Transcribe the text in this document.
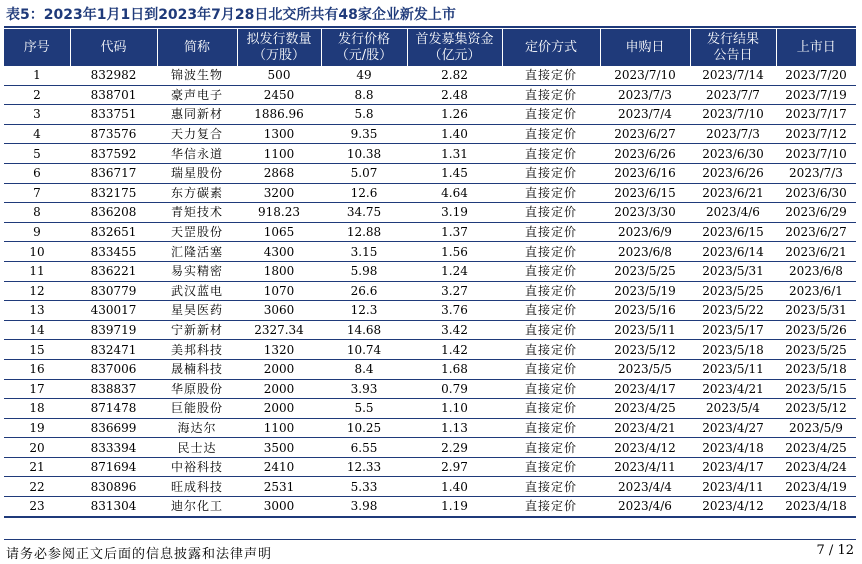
表5：2023年1月1日到2023年7月28日北交所共有48家企业新发上市
序号	代码	简称	拟发行数量
（万股）	发行价格
（元/股）	首发募集资金
（亿元）	定价方式	申购日	发行结果
公告日	上市日

1	832982	锦波生物	500	49	2.82	直接定价	2023/7/10	2023/7/14	2023/7/20
2	838701	豪声电子	2450	8.8	2.48	直接定价	2023/7/3	2023/7/7	2023/7/19
3	833751	惠同新材	1886.96	5.8	1.26	直接定价	2023/7/4	2023/7/10	2023/7/17
4	873576	天力复合	1300	9.35	1.40	直接定价	2023/6/27	2023/7/3	2023/7/12
5	837592	华信永道	1100	10.38	1.31	直接定价	2023/6/26	2023/6/30	2023/7/10
6	836717	瑞星股份	2868	5.07	1.45	直接定价	2023/6/16	2023/6/26	2023/7/3
7	832175	东方碳素	3200	12.6	4.64	直接定价	2023/6/15	2023/6/21	2023/6/30
8	836208	青矩技术	918.23	34.75	3.19	直接定价	2023/3/30	2023/4/6	2023/6/29
9	832651	天罡股份	1065	12.88	1.37	直接定价	2023/6/9	2023/6/15	2023/6/27
10	833455	汇隆活塞	4300	3.15	1.56	直接定价	2023/6/8	2023/6/14	2023/6/21
11	836221	易实精密	1800	5.98	1.24	直接定价	2023/5/25	2023/5/31	2023/6/8
12	830779	武汉蓝电	1070	26.6	3.27	直接定价	2023/5/19	2023/5/25	2023/6/1
13	430017	星昊医药	3060	12.3	3.76	直接定价	2023/5/16	2023/5/22	2023/5/31
14	839719	宁新新材	2327.34	14.68	3.42	直接定价	2023/5/11	2023/5/17	2023/5/26
15	832471	美邦科技	1320	10.74	1.42	直接定价	2023/5/12	2023/5/18	2023/5/25
16	837006	晟楠科技	2000	8.4	1.68	直接定价	2023/5/5	2023/5/11	2023/5/18
17	838837	华原股份	2000	3.93	0.79	直接定价	2023/4/17	2023/4/21	2023/5/15
18	871478	巨能股份	2000	5.5	1.10	直接定价	2023/4/25	2023/5/4	2023/5/12
19	836699	海达尔	1100	10.25	1.13	直接定价	2023/4/21	2023/4/27	2023/5/9
20	833394	民士达	3500	6.55	2.29	直接定价	2023/4/12	2023/4/18	2023/4/25
21	871694	中裕科技	2410	12.33	2.97	直接定价	2023/4/11	2023/4/17	2023/4/24
22	830896	旺成科技	2531	5.33	1.40	直接定价	2023/4/4	2023/4/11	2023/4/19
23	831304	迪尔化工	3000	3.98	1.19	直接定价	2023/4/6	2023/4/12	2023/4/18
请务必参阅正文后面的信息披露和法律声明	7 / 12
